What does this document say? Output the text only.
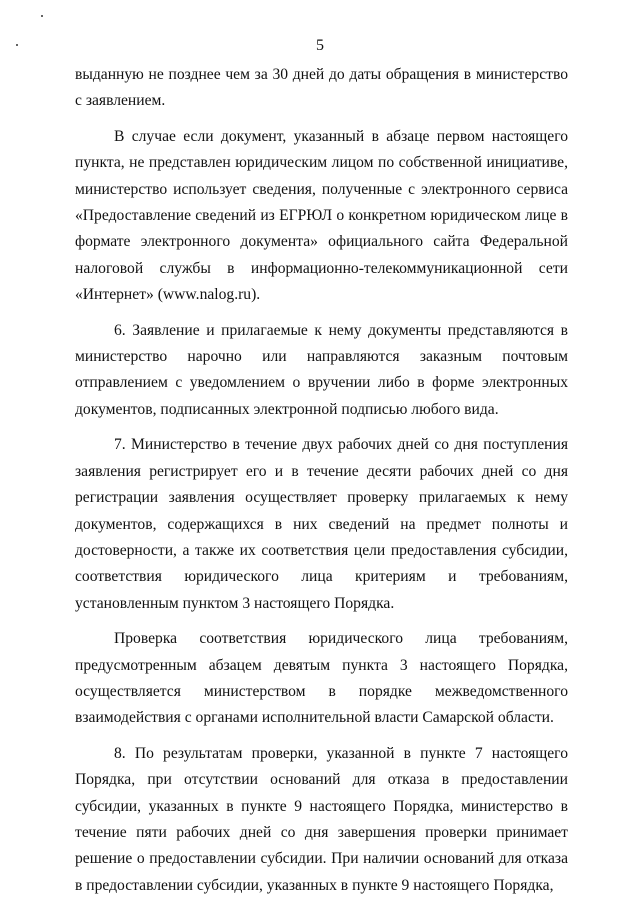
5

выданную не позднее чем за 30 дней до даты обращения в министерство с заявлением.

В случае если документ, указанный в абзаце первом настоящего пункта, не представлен юридическим лицом по собственной инициативе, министерство использует сведения, полученные с электронного сервиса «Предоставление сведений из ЕГРЮЛ о конкретном юридическом лице в формате электронного документа» официального сайта Федеральной налоговой службы в информационно-телекоммуникационной сети «Интернет» (www.nalog.ru).

6. Заявление и прилагаемые к нему документы представляются в министерство нарочно или направляются заказным почтовым отправлением с уведомлением о вручении либо в форме электронных документов, подписанных электронной подписью любого вида.

7. Министерство в течение двух рабочих дней со дня поступления заявления регистрирует его и в течение десяти рабочих дней со дня регистрации заявления осуществляет проверку прилагаемых к нему документов, содержащихся в них сведений на предмет полноты и достоверности, а также их соответствия цели предоставления субсидии, соответствия юридического лица критериям и требованиям, установленным пунктом 3 настоящего Порядка.

Проверка соответствия юридического лица требованиям, предусмотренным абзацем девятым пункта 3 настоящего Порядка, осуществляется министерством в порядке межведомственного взаимодействия с органами исполнительной власти Самарской области.

8. По результатам проверки, указанной в пункте 7 настоящего Порядка, при отсутствии оснований для отказа в предоставлении субсидии, указанных в пункте 9 настоящего Порядка, министерство в течение пяти рабочих дней со дня завершения проверки принимает решение о предоставлении субсидии. При наличии оснований для отказа в предоставлении субсидии, указанных в пункте 9 настоящего Порядка,
